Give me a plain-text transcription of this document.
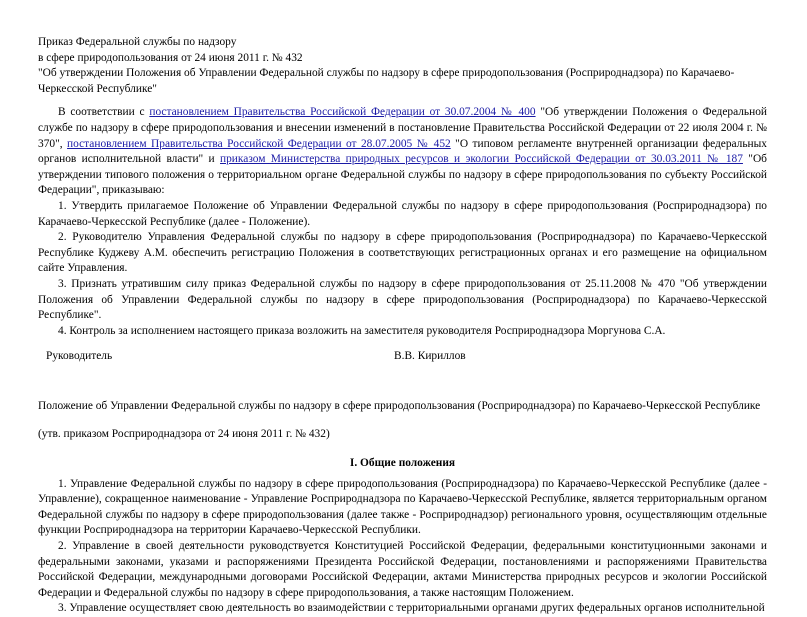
Приказ Федеральной службы по надзору
в сфере природопользования от 24 июня 2011 г. № 432
"Об утверждении Положения об Управлении Федеральной службы по надзору в сфере природопользования (Росприроднадзора) по Карачаево-
Черкесской Республике"

В соответствии с постановлением Правительства Российской Федерации от 30.07.2004 № 400 "Об утверждении Положения о Федеральной службе по надзору в сфере природопользования и внесении изменений в постановление Правительства Российской Федерации от 22 июля 2004 г. № 370", постановлением Правительства Российской Федерации от 28.07.2005 № 452 "О типовом регламенте внутренней организации федеральных органов исполнительной власти" и приказом Министерства природных ресурсов и экологии Российской Федерации от 30.03.2011 № 187 "Об утверждении типового положения о территориальном органе Федеральной службы по надзору в сфере природопользования по субъекту Российской Федерации", приказываю:

1. Утвердить прилагаемое Положение об Управлении Федеральной службы по надзору в сфере природопользования (Росприроднадзора) по Карачаево-Черкесской Республике (далее - Положение).

2. Руководителю Управления Федеральной службы по надзору в сфере природопользования (Росприроднадзора) по Карачаево-Черкесской Республике Куджеву А.М. обеспечить регистрацию Положения в соответствующих регистрационных органах и его размещение на официальном сайте Управления.

3. Признать утратившим силу приказ Федеральной службы по надзору в сфере природопользования от 25.11.2008 № 470 "Об утверждении Положения об Управлении Федеральной службы по надзору в сфере природопользования (Росприроднадзора) по Карачаево-Черкесской Республике".

4. Контроль за исполнением настоящего приказа возложить на заместителя руководителя Росприроднадзора Моргунова С.А.

Руководитель	В.В. Кириллов
Положение об Управлении Федеральной службы по надзору в сфере природопользования (Росприроднадзора) по Карачаево-Черкесской Республике
(утв. приказом Росприроднадзора от 24 июня 2011 г. № 432)
I. Общие положения

1. Управление Федеральной службы по надзору в сфере природопользования (Росприроднадзора) по Карачаево-Черкесской Республике (далее - Управление), сокращенное наименование - Управление Росприроднадзора по Карачаево-Черкесской Республике, является территориальным органом Федеральной службы по надзору в сфере природопользования (далее также - Росприроднадзор) регионального уровня, осуществляющим отдельные функции Росприроднадзора на территории Карачаево-Черкесской Республики.

2. Управление в своей деятельности руководствуется Конституцией Российской Федерации, федеральными конституционными законами и федеральными законами, указами и распоряжениями Президента Российской Федерации, постановлениями и распоряжениями Правительства Российской Федерации, международными договорами Российской Федерации, актами Министерства природных ресурсов и экологии Российской Федерации и Федеральной службы по надзору в сфере природопользования, а также настоящим Положением.

3. Управление осуществляет свою деятельность во взаимодействии с территориальными органами других федеральных органов исполнительной
